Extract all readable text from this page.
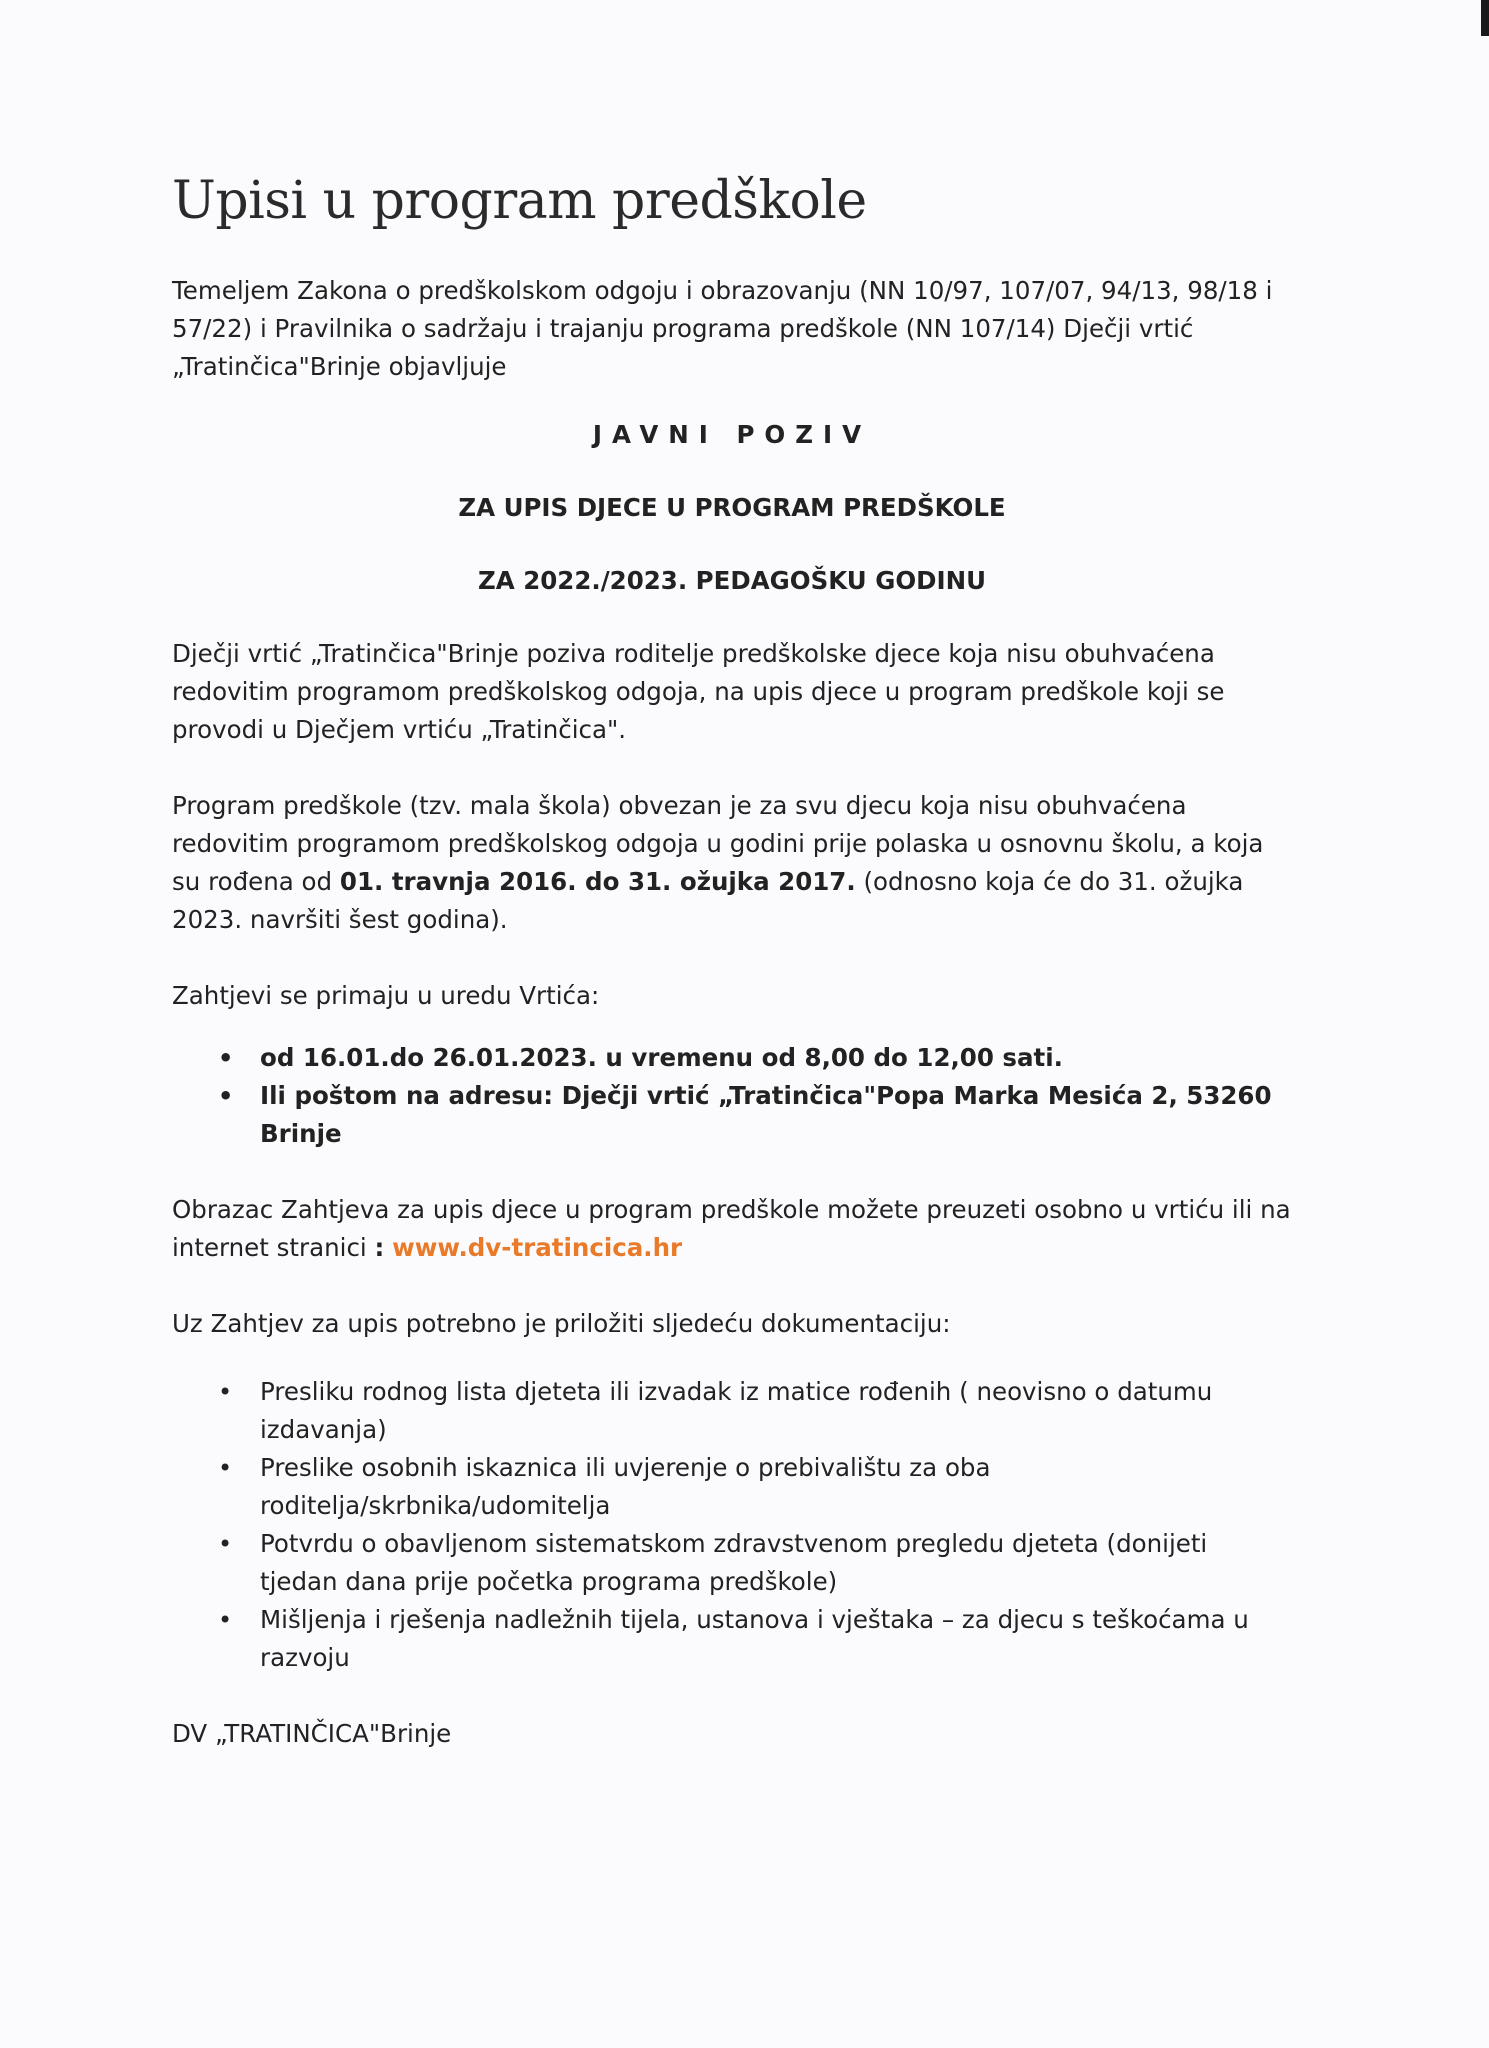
Upisi u program predškole

Temeljem Zakona o predškolskom odgoju i obrazovanju (NN 10/97, 107/07, 94/13, 98/18 i 57/22) i Pravilnika o sadržaju i trajanju programa predškole (NN 107/14) Dječji vrtić „Tratinčica"Brinje objavljuje

JAVNI POZIV

ZA UPIS DJECE U PROGRAM PREDŠKOLE

ZA 2022./2023. PEDAGOŠKU GODINU

Dječji vrtić „Tratinčica"Brinje poziva roditelje predškolske djece koja nisu obuhvaćena redovitim programom predškolskog odgoja, na upis djece u program predškole koji se provodi u Dječjem vrtiću „Tratinčica".

Program predškole (tzv. mala škola) obvezan je za svu djecu koja nisu obuhvaćena redovitim programom predškolskog odgoja u godini prije polaska u osnovnu školu, a koja su rođena od 01. travnja 2016. do 31. ožujka 2017. (odnosno koja će do 31. ožujka 2023. navršiti šest godina).

Zahtjevi se primaju u uredu Vrtića:

• od 16.01.do 26.01.2023. u vremenu od 8,00 do 12,00 sati.
• Ili poštom na adresu: Dječji vrtić „Tratinčica"Popa Marka Mesića 2, 53260 Brinje

Obrazac Zahtjeva za upis djece u program predškole možete preuzeti osobno u vrtiću ili na internet stranici : www.dv-tratincica.hr

Uz Zahtjev za upis potrebno je priložiti sljedeću dokumentaciju:

• Presliku rodnog lista djeteta ili izvadak iz matice rođenih ( neovisno o datumu izdavanja)
• Preslike osobnih iskaznica ili uvjerenje o prebivalištu za oba roditelja/skrbnika/udomitelja
• Potvrdu o obavljenom sistematskom zdravstvenom pregledu djeteta (donijeti tjedan dana prije početka programa predškole)
• Mišljenja i rješenja nadležnih tijela, ustanova i vještaka – za djecu s teškoćama u razvoju

DV „TRATINČICA"Brinje
